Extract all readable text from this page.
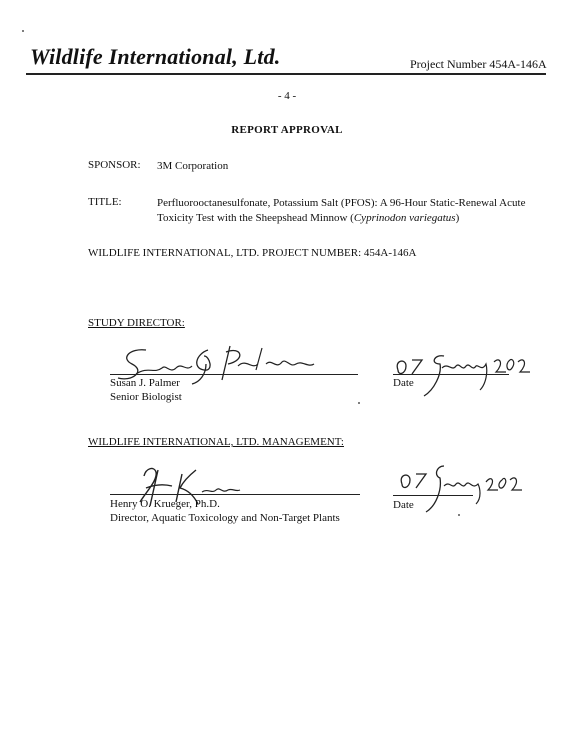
Wildlife International, Ltd.	Project Number 454A-146A
- 4 -
REPORT APPROVAL
SPONSOR: 3M Corporation
TITLE:	Perfluorooctanesulfonate, Potassium Salt (PFOS): A 96-Hour Static-Renewal Acute Toxicity Test with the Sheepshead Minnow (Cyprinodon variegatus)
WILDLIFE INTERNATIONAL, LTD. PROJECT NUMBER: 454A-146A
STUDY DIRECTOR:
Susan J. Palmer
Senior Biologist
Date
WILDLIFE INTERNATIONAL, LTD. MANAGEMENT:
Henry O. Krueger, Ph.D.
Director, Aquatic Toxicology and Non-Target Plants
Date
